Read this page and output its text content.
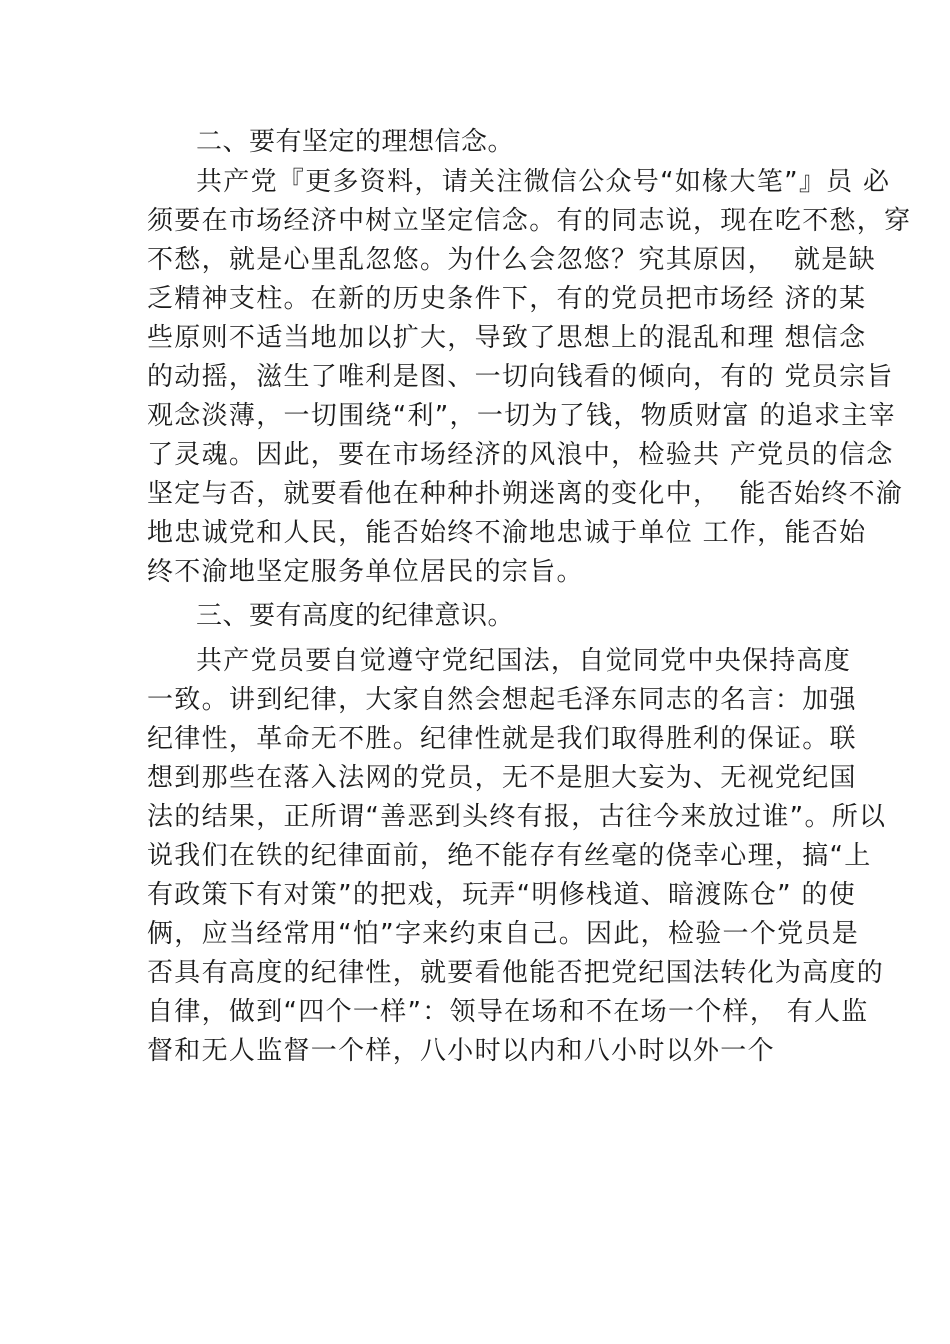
二、要有坚定的理想信念。
共产党『更多资料，请关注微信公众号“如椽大笔”』员 必
须要在市场经济中树立坚定信念。有的同志说，现在吃不愁，穿
不愁，就是心里乱忽悠。为什么会忽悠？究其原因，  就是缺
乏精神支柱。在新的历史条件下，有的党员把市场经 济的某
些原则不适当地加以扩大，导致了思想上的混乱和理 想信念
的动摇，滋生了唯利是图、一切向钱看的倾向，有的 党员宗旨
观念淡薄，一切围绕“利”，一切为了钱，物质财富 的追求主宰
了灵魂。因此，要在市场经济的风浪中，检验共 产党员的信念
坚定与否，就要看他在种种扑朔迷离的变化中，  能否始终不渝
地忠诚党和人民，能否始终不渝地忠诚于单位 工作，能否始
终不渝地坚定服务单位居民的宗旨。
三、要有高度的纪律意识。
共产党员要自觉遵守党纪国法，自觉同党中央保持高度
一致。讲到纪律，大家自然会想起毛泽东同志的名言：加强
纪律性，革命无不胜。纪律性就是我们取得胜利的保证。联
想到那些在落入法网的党员，无不是胆大妄为、无视党纪国
法的结果，正所谓“善恶到头终有报，古往今来放过谁”。所以
说我们在铁的纪律面前，绝不能存有丝毫的侥幸心理，搞“上
有政策下有对策”的把戏，玩弄“明修栈道、暗渡陈仓” 的使
俩，应当经常用“怕”字来约束自己。因此，检验一个党员是
否具有高度的纪律性，就要看他能否把党纪国法转化为高度的
自律，做到“四个一样”：领导在场和不在场一个样， 有人监
督和无人监督一个样，八小时以内和八小时以外一个
